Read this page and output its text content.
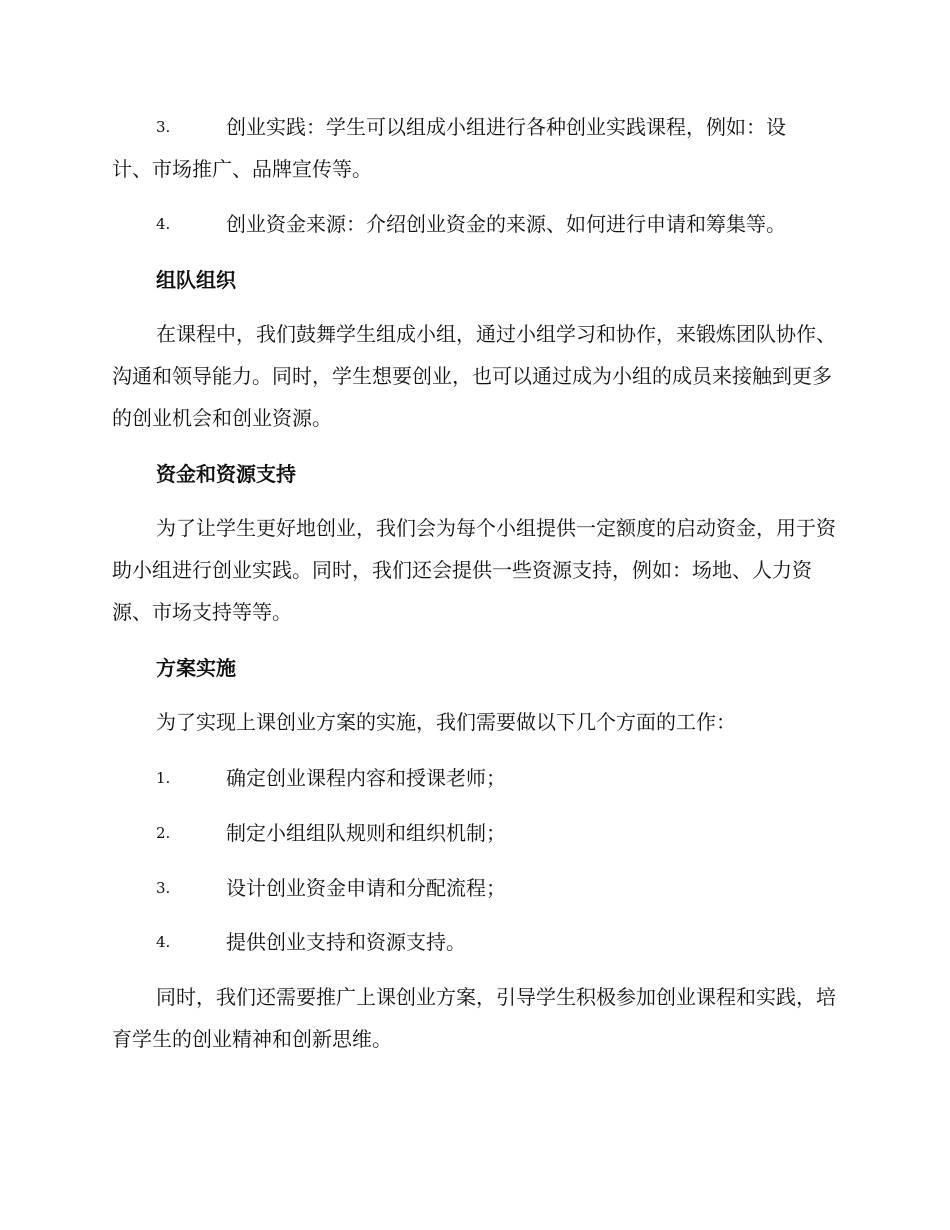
3.	创业实践：学生可以组成小组进行各种创业实践课程，例如：设
计、市场推广、品牌宣传等。
4.	创业资金来源：介绍创业资金的来源、如何进行申请和筹集等。
组队组织

在课程中，我们鼓舞学生组成小组，通过小组学习和协作，来锻炼团队协作、沟通和领导能力。同时，学生想要创业，也可以通过成为小组的成员来接触到更多的创业机会和创业资源。

资金和资源支持

为了让学生更好地创业，我们会为每个小组提供一定额度的启动资金，用于资助小组进行创业实践。同时，我们还会提供一些资源支持，例如：场地、人力资源、市场支持等等。

方案实施

为了实现上课创业方案的实施，我们需要做以下几个方面的工作：

1.	确定创业课程内容和授课老师；
2.	制定小组组队规则和组织机制；
3.	设计创业资金申请和分配流程；
4.	提供创业支持和资源支持。

同时，我们还需要推广上课创业方案，引导学生积极参加创业课程和实践，培育学生的创业精神和创新思维。
